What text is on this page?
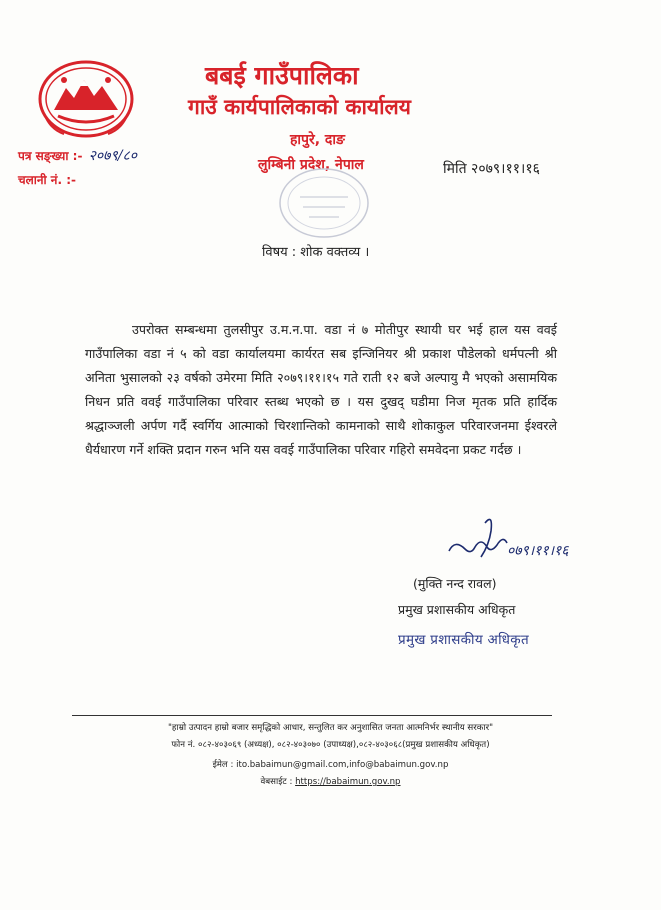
बबई गाउँपालिका
गाउँ कार्यपालिकाको कार्यालय
हापुरे, दाङ
लुम्बिनी प्रदेश, नेपाल
पत्र सङ्ख्या :- २०७९/८०
चलानी नं. :-
मिति २०७९।११।१६
विषय : शोक वक्तव्य ।

उपरोक्त सम्बन्धमा तुलसीपुर उ.म.न.पा. वडा नं ७ मोतीपुर स्थायी घर भई हाल यस ववई गाउँपालिका वडा नं ५ को वडा कार्यालयमा कार्यरत सब इन्जिनियर श्री प्रकाश पौडेलको धर्मपत्नी श्री अनिता भुसालको २३ वर्षको उमेरमा मिति २०७९।११।१५ गते राती १२ बजे अल्पायु मै भएको असामयिक निधन प्रति ववई गाउँपालिका परिवार स्तब्ध भएको छ । यस दुखद् घडीमा निज मृतक प्रति हार्दिक श्रद्धाञ्जली अर्पण गर्दै स्वर्गिय आत्माको चिरशान्तिको कामनाको साथै शोकाकुल परिवारजनमा ईश्वरले धैर्यधारण गर्ने शक्ति प्रदान गरुन भनि यस ववई गाउँपालिका परिवार गहिरो समवेदना प्रकट गर्दछ ।

०७९।११।१६
(मुक्ति नन्द रावल)
प्रमुख प्रशासकीय अधिकृत
प्रमुख प्रशासकीय अधिकृत
"हाम्रो उत्पादन हाम्रो बजार समृद्धिको आधार, सन्तुलित कर अनुशासित जनता आत्मनिर्भर स्थानीय सरकार"
फोन नं. ०८२-४०३०६९ (अध्यक्ष), ०८२-४०३०७० (उपाध्यक्ष),०८२-४०३०६८(प्रमुख प्रशासकीय अधिकृत)
ईमेल : ito.babaimun@gmail.com,info@babaimun.gov.np
वेबसाईट : https://babaimun.gov.np
